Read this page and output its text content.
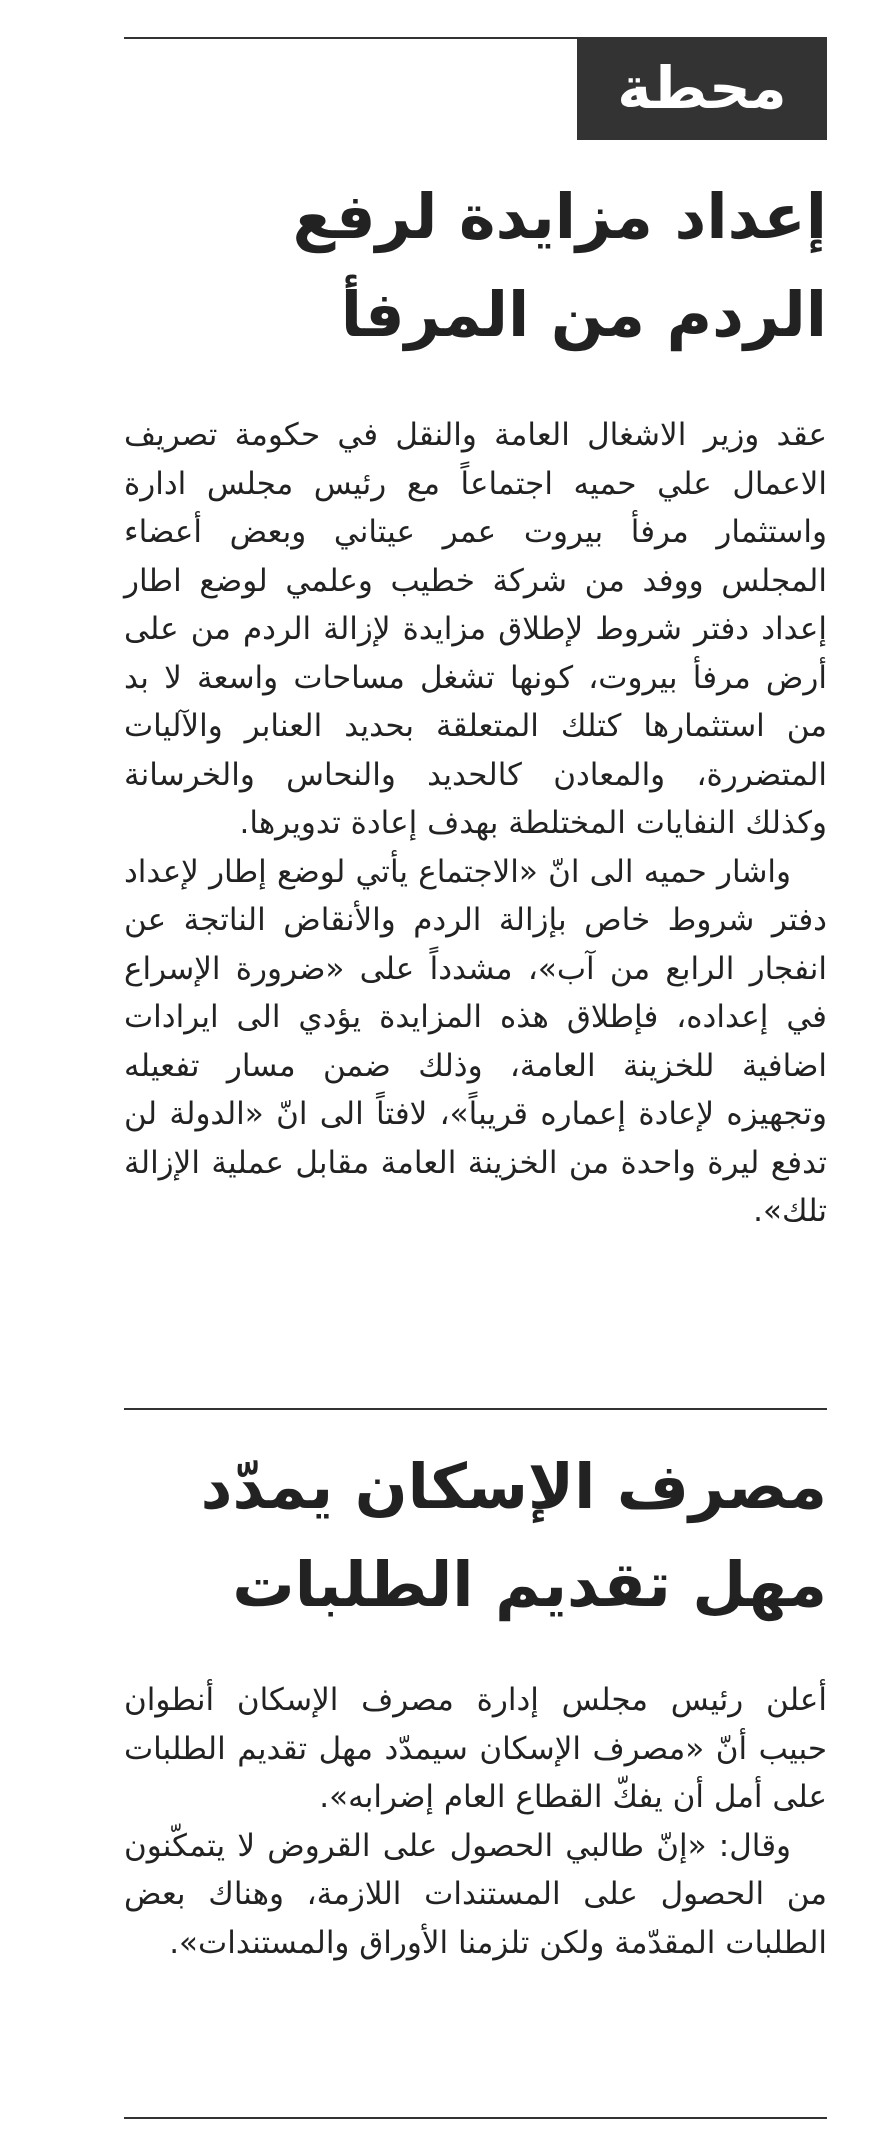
محطة
إعداد مزايدة لرفع الردم من المرفأ

عقد وزير الاشغال العامة والنقل في حكومة تصريف الاعمال علي حميه اجتماعاً مع رئيس مجلس ادارة واستثمار مرفأ بيروت عمر عيتاني وبعض أعضاء المجلس ووفد من شركة خطيب وعلمي لوضع اطار إعداد دفتر شروط لإطلاق مزايدة لإزالة الردم من على أرض مرفأ بيروت، كونها تشغل مساحات واسعة لا بد من استثمارها كتلك المتعلقة بحديد العنابر والآليات المتضررة، والمعادن كالحديد والنحاس والخرسانة وكذلك النفايات المختلطة بهدف إعادة تدويرها.

واشار حميه الى انّ «الاجتماع يأتي لوضع إطار لإعداد دفتر شروط خاص بإزالة الردم والأنقاض الناتجة عن انفجار الرابع من آب»، مشدداً على «ضرورة الإسراع في إعداده، فإطلاق هذه المزايدة يؤدي الى ايرادات اضافية للخزينة العامة، وذلك ضمن مسار تفعيله وتجهيزه لإعادة إعماره قريباً»، لافتاً الى انّ «الدولة لن تدفع ليرة واحدة من الخزينة العامة مقابل عملية الإزالة تلك».

مصرف الإسكان يمدّد مهل تقديم الطلبات

أعلن رئيس مجلس إدارة مصرف الإسكان أنطوان حبيب أنّ «مصرف الإسكان سيمدّد مهل تقديم الطلبات على أمل أن يفكّ القطاع العام إضرابه».

وقال: «إنّ طالبي الحصول على القروض لا يتمكّنون من الحصول على المستندات اللازمة، وهناك بعض الطلبات المقدّمة ولكن تلزمنا الأوراق والمستندات».
